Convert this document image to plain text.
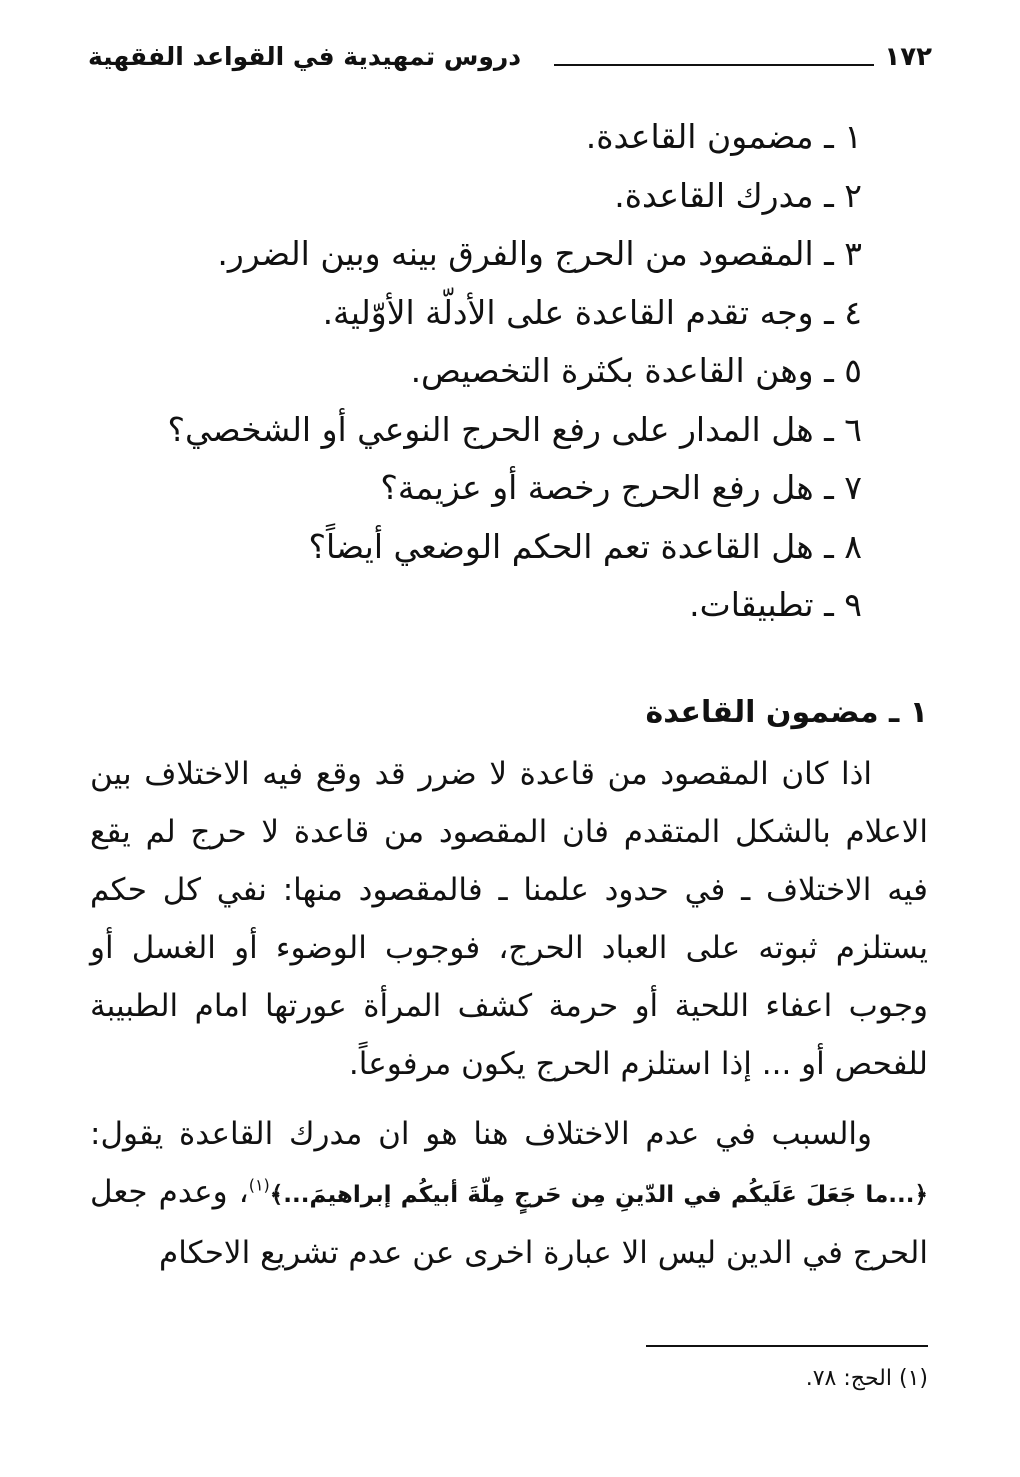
١٧٢
دروس تمهيدية في القواعد الفقهية
١ ـ مضمون القاعدة.
٢ ـ مدرك القاعدة.
٣ ـ المقصود من الحرج والفرق بينه وبين الضرر.
٤ ـ وجه تقدم القاعدة على الأدلّة الأوّلية.
٥ ـ وهن القاعدة بكثرة التخصيص.
٦ ـ هل المدار على رفع الحرج النوعي أو الشخصي؟
٧ ـ هل رفع الحرج رخصة أو عزيمة؟
٨ ـ هل القاعدة تعم الحكم الوضعي أيضاً؟
٩ ـ تطبيقات.
١ ـ مضمون القاعدة

اذا كان المقصود من قاعدة لا ضرر قد وقع فيه الاختلاف بين الاعلام بالشكل المتقدم فان المقصود من قاعدة لا حرج لم يقع فيه الاختلاف ـ في حدود علمنا ـ فالمقصود منها: نفي كل حكم يستلزم ثبوته على العباد الحرج، فوجوب الوضوء أو الغسل أو وجوب اعفاء اللحية أو حرمة كشف المرأة عورتها امام الطبيبة للفحص أو ... إذا استلزم الحرج يكون مرفوعاً.

والسبب في عدم الاختلاف هنا هو ان مدرك القاعدة يقول: ﴿...ما جَعَلَ عَلَيكُم في الدّينِ مِن حَرجٍ مِلّةَ أبيكُم إبراهيمَ...﴾$^{(١)}$، وعدم جعل الحرج في الدين ليس الا عبارة اخرى عن عدم تشريع الاحكام

(١) الحج: ٧٨.
